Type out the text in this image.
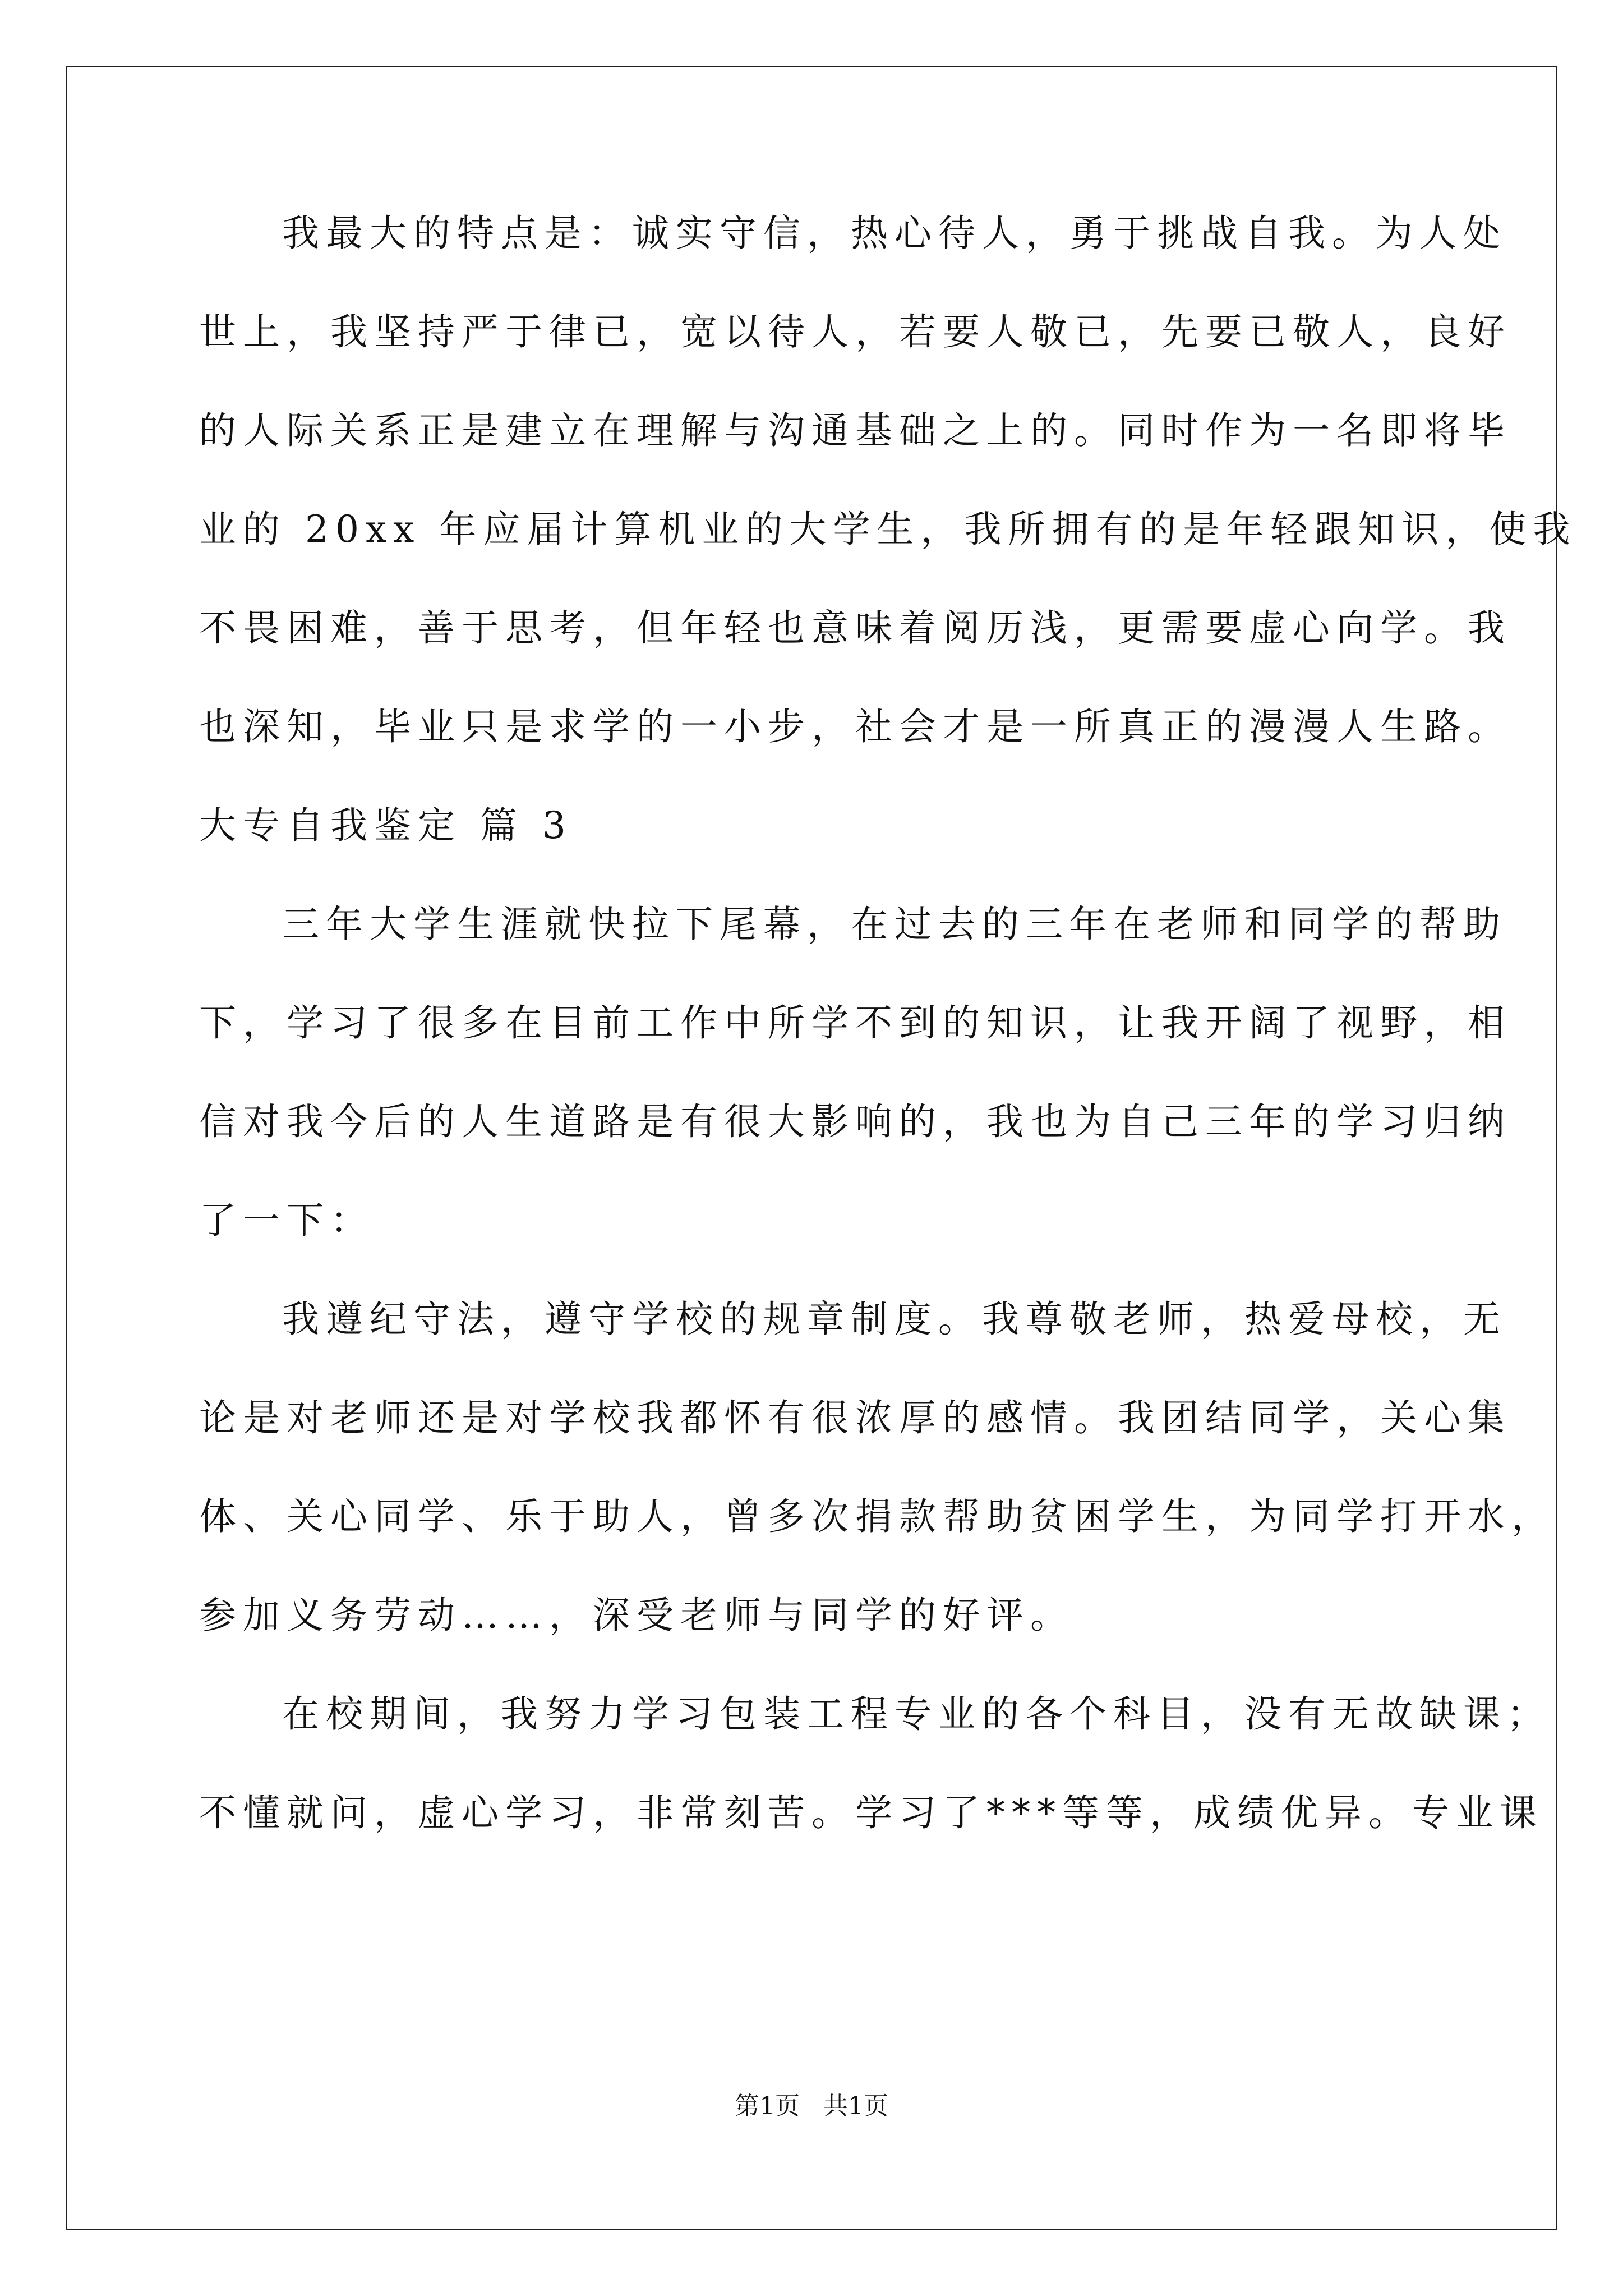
我最大的特点是：诚实守信，热心待人，勇于挑战自我。为人处
世上，我坚持严于律已，宽以待人，若要人敬已，先要已敬人，良好
的人际关系正是建立在理解与沟通基础之上的。同时作为一名即将毕
业的 20xx 年应届计算机业的大学生，我所拥有的是年轻跟知识，使我
不畏困难，善于思考，但年轻也意味着阅历浅，更需要虚心向学。我
也深知，毕业只是求学的一小步，社会才是一所真正的漫漫人生路。
大专自我鉴定 篇 3
三年大学生涯就快拉下尾幕，在过去的三年在老师和同学的帮助
下，学习了很多在目前工作中所学不到的知识，让我开阔了视野，相
信对我今后的人生道路是有很大影响的，我也为自己三年的学习归纳
了一下：
我遵纪守法，遵守学校的规章制度。我尊敬老师，热爱母校，无
论是对老师还是对学校我都怀有很浓厚的感情。我团结同学，关心集
体、关心同学、乐于助人，曾多次捐款帮助贫困学生，为同学打开水，
参加义务劳动……，深受老师与同学的好评。
在校期间，我努力学习包装工程专业的各个科目，没有无故缺课；
不懂就问，虚心学习，非常刻苦。学习了***等等，成绩优异。专业课
第1页 共1页
